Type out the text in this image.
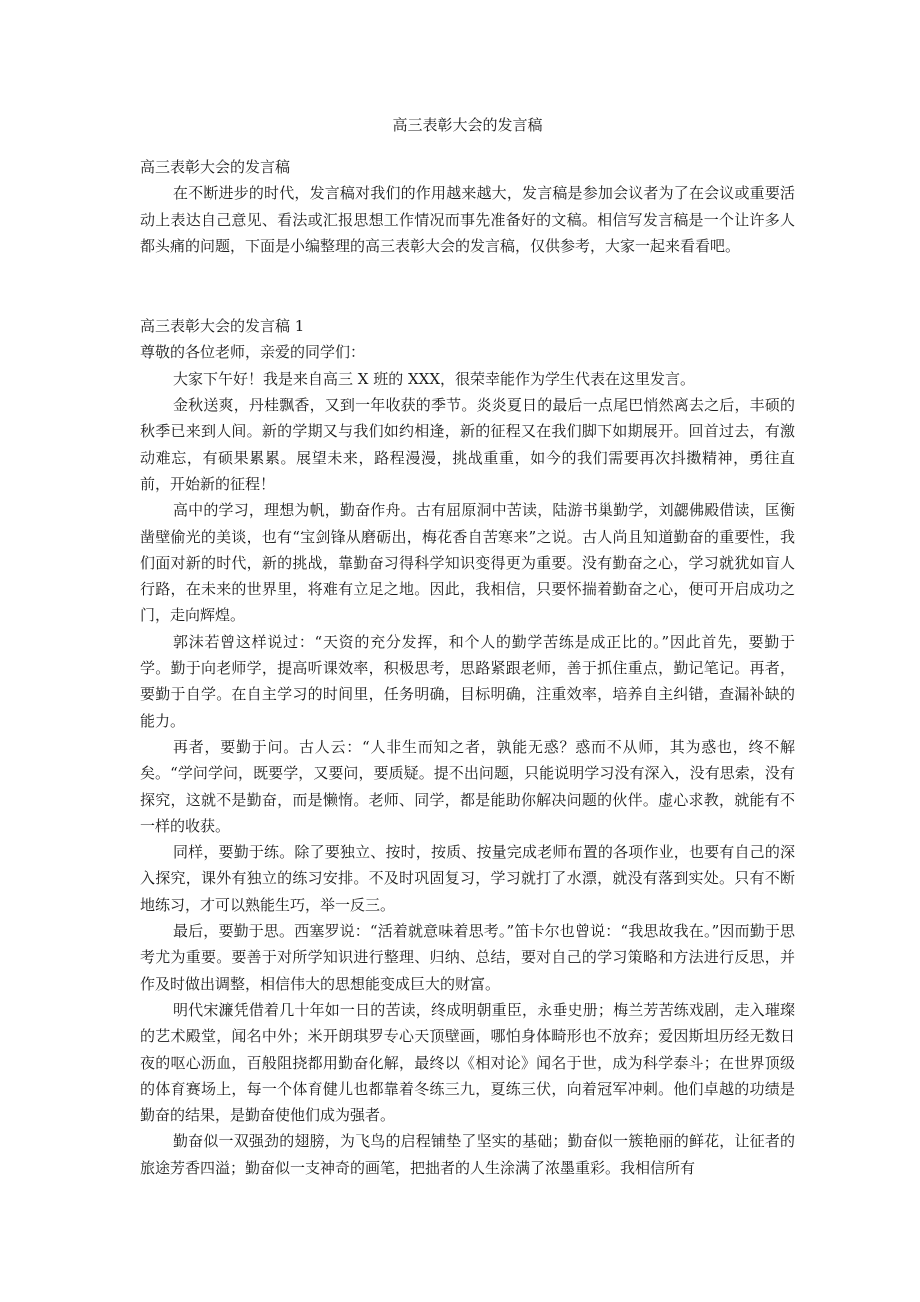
高三表彰大会的发言稿

高三表彰大会的发言稿

在不断进步的时代，发言稿对我们的作用越来越大，发言稿是参加会议者为了在会议或重要活动上表达自己意见、看法或汇报思想工作情况而事先准备好的文稿。相信写发言稿是一个让许多人都头痛的问题，下面是小编整理的高三表彰大会的发言稿，仅供参考，大家一起来看看吧。

高三表彰大会的发言稿 1

尊敬的各位老师，亲爱的同学们：

大家下午好！我是来自高三 X 班的 XXX，很荣幸能作为学生代表在这里发言。

金秋送爽，丹桂飘香，又到一年收获的季节。炎炎夏日的最后一点尾巴悄然离去之后，丰硕的秋季已来到人间。新的学期又与我们如约相逢，新的征程又在我们脚下如期展开。回首过去，有激动难忘，有硕果累累。展望未来，路程漫漫，挑战重重，如今的我们需要再次抖擞精神，勇往直前，开始新的征程！

高中的学习，理想为帆，勤奋作舟。古有屈原洞中苦读，陆游书巢勤学，刘勰佛殿借读，匡衡凿壁偷光的美谈，也有“宝剑锋从磨砺出，梅花香自苦寒来”之说。古人尚且知道勤奋的重要性，我们面对新的时代，新的挑战，靠勤奋习得科学知识变得更为重要。没有勤奋之心，学习就犹如盲人行路，在未来的世界里，将难有立足之地。因此，我相信，只要怀揣着勤奋之心，便可开启成功之门，走向辉煌。

郭沫若曾这样说过：“天资的充分发挥，和个人的勤学苦练是成正比的。”因此首先，要勤于学。勤于向老师学，提高听课效率，积极思考，思路紧跟老师，善于抓住重点，勤记笔记。再者，要勤于自学。在自主学习的时间里，任务明确，目标明确，注重效率，培养自主纠错，查漏补缺的能力。

再者，要勤于问。古人云：“人非生而知之者，孰能无惑？惑而不从师，其为惑也，终不解矣。“学问学问，既要学，又要问，要质疑。提不出问题，只能说明学习没有深入，没有思索，没有探究，这就不是勤奋，而是懒惰。老师、同学，都是能助你解决问题的伙伴。虚心求教，就能有不一样的收获。

同样，要勤于练。除了要独立、按时，按质、按量完成老师布置的各项作业，也要有自己的深入探究，课外有独立的练习安排。不及时巩固复习，学习就打了水漂，就没有落到实处。只有不断地练习，才可以熟能生巧，举一反三。

最后，要勤于思。西塞罗说：“活着就意味着思考。”笛卡尔也曾说：“我思故我在。”因而勤于思考尤为重要。要善于对所学知识进行整理、归纳、总结，要对自己的学习策略和方法进行反思，并作及时做出调整，相信伟大的思想能变成巨大的财富。

明代宋濂凭借着几十年如一日的苦读，终成明朝重臣，永垂史册；梅兰芳苦练戏剧，走入璀璨的艺术殿堂，闻名中外；米开朗琪罗专心天顶壁画，哪怕身体畸形也不放弃；爱因斯坦历经无数日夜的呕心沥血，百般阻挠都用勤奋化解，最终以《相对论》闻名于世，成为科学泰斗；在世界顶级的体育赛场上，每一个体育健儿也都靠着冬练三九，夏练三伏，向着冠军冲刺。他们卓越的功绩是勤奋的结果，是勤奋使他们成为强者。

勤奋似一双强劲的翅膀，为飞鸟的启程铺垫了坚实的基础；勤奋似一簇艳丽的鲜花，让征者的旅途芳香四溢；勤奋似一支神奇的画笔，把拙者的人生涂满了浓墨重彩。我相信所有
